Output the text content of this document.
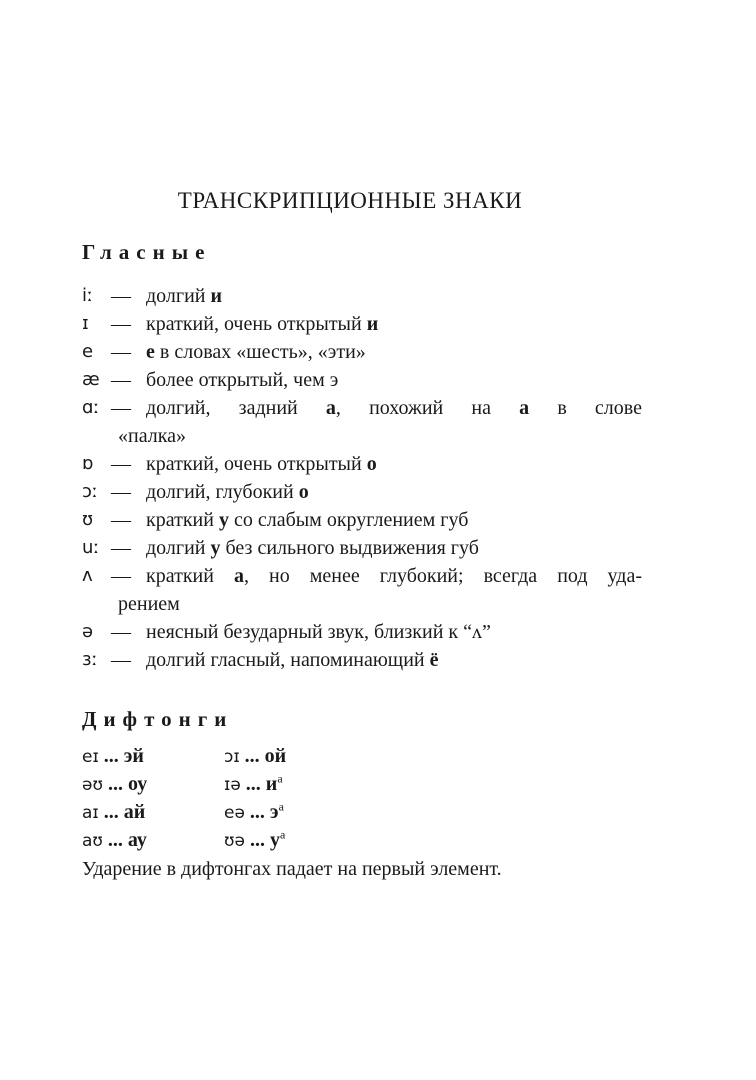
ТРАНСКРИПЦИОННЫЕ ЗНАКИ
Гласные
iː — долгий и
ɪ	— краткий, очень открытый и
e — е в словах «шесть», «эти»
æ — более открытый, чем э
ɑː — долгий, задний а, похожий на а в слове
«палка»
ɒ — краткий, очень открытый о
ɔː — долгий, глубокий о
ʊ — краткий у со слабым округлением губ
uː — долгий у без сильного выдвижения губ
ʌ — краткий а, но менее глубокий; всегда под уда-
рением
ə — неясный безударный звук, близкий к “ʌ”
ɜː — долгий гласный, напоминающий ё
Дифтонги
eɪ ... эй	ɔɪ ... ой
əʊ ... оу	ɪə ... $и^а$
aɪ ... ай	eə ... $э^а$
aʊ ... ау	ʊə ... $у^а$
Ударение в дифтонгах падает на первый элемент.
